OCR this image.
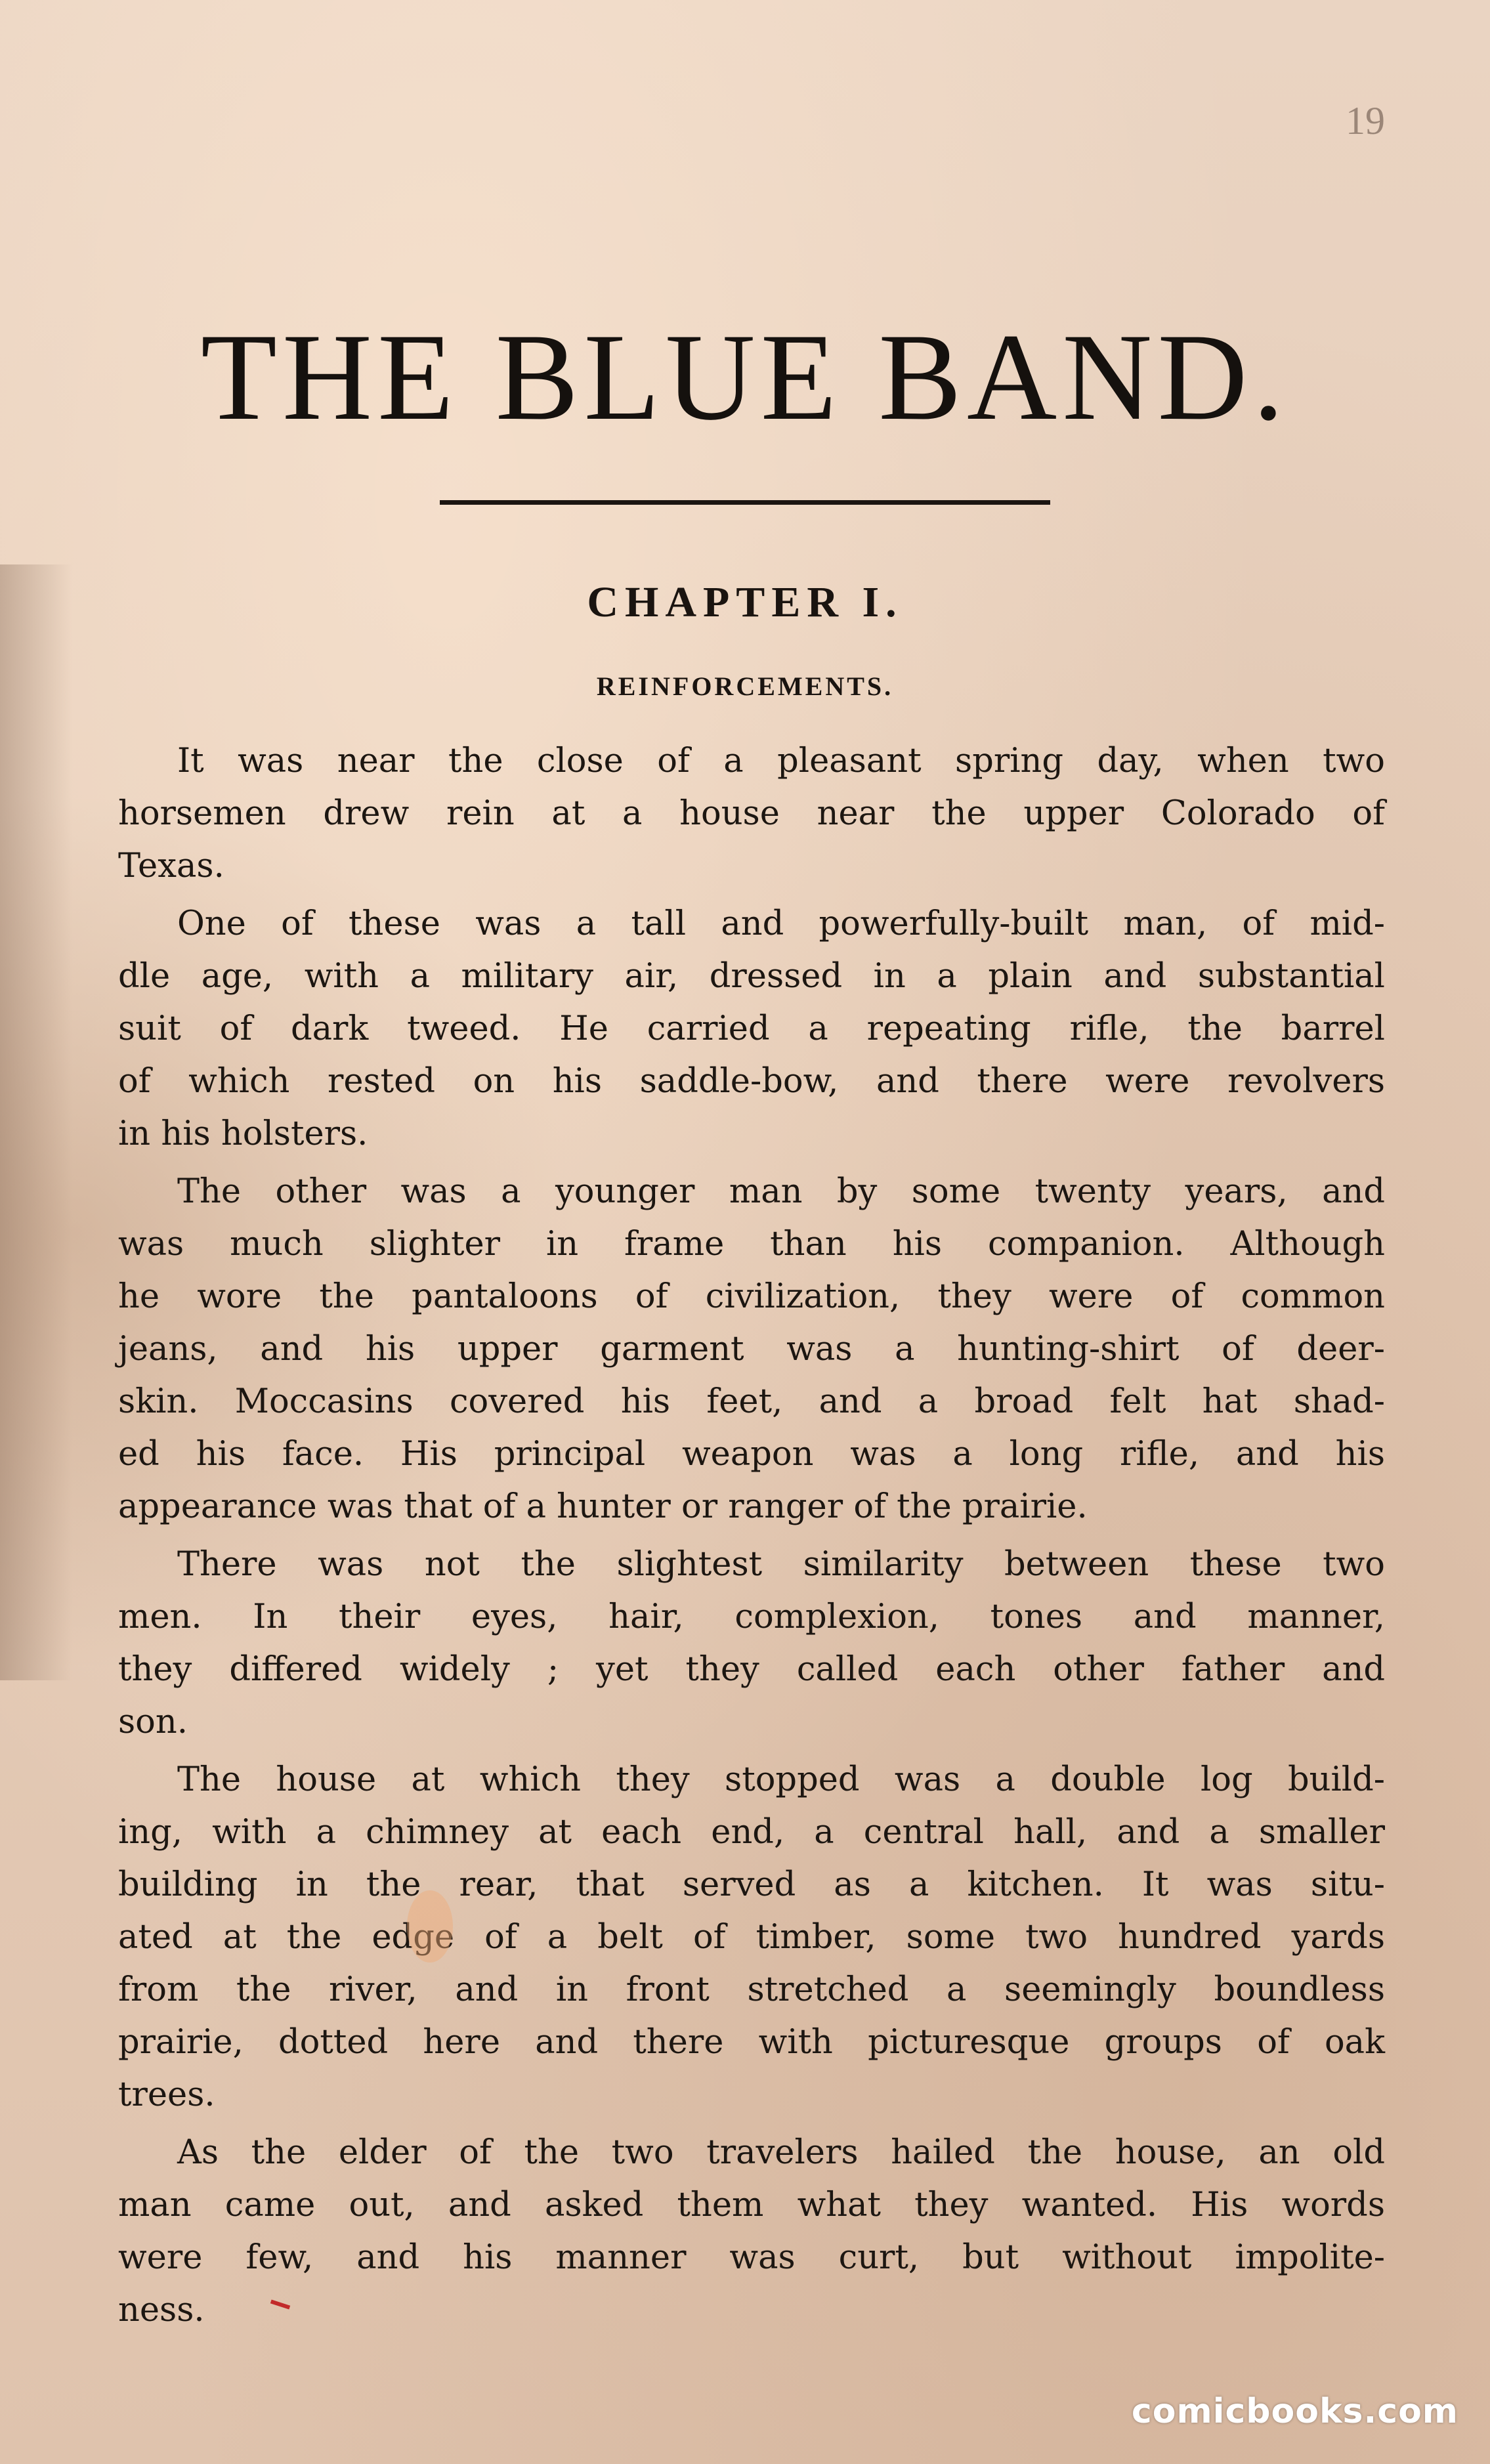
19
THE BLUE BAND.
CHAPTER I.
REINFORCEMENTS.
It was near the close of a pleasant spring day, when two
horsemen drew rein at a house near the upper Colorado of
Texas.
One of these was a tall and powerfully-built man, of mid-
dle age, with a military air, dressed in a plain and substantial
suit of dark tweed. He carried a repeating rifle, the barrel
of which rested on his saddle-bow, and there were revolvers
in his holsters.
The other was a younger man by some twenty years, and
was much slighter in frame than his companion. Although
he wore the pantaloons of civilization, they were of common
jeans, and his upper garment was a hunting-shirt of deer-
skin. Moccasins covered his feet, and a broad felt hat shad-
ed his face. His principal weapon was a long rifle, and his
appearance was that of a hunter or ranger of the prairie.
There was not the slightest similarity between these two
men. In their eyes, hair, complexion, tones and manner,
they differed widely ; yet they called each other father and
son.
The house at which they stopped was a double log build-
ing, with a chimney at each end, a central hall, and a smaller
building in the rear, that served as a kitchen. It was situ-
ated at the edge of a belt of timber, some two hundred yards
from the river, and in front stretched a seemingly boundless
prairie, dotted here and there with picturesque groups of oak
trees.
As the elder of the two travelers hailed the house, an old
man came out, and asked them what they wanted. His words
were few, and his manner was curt, but without impolite-
ness.
comicbooks.com
